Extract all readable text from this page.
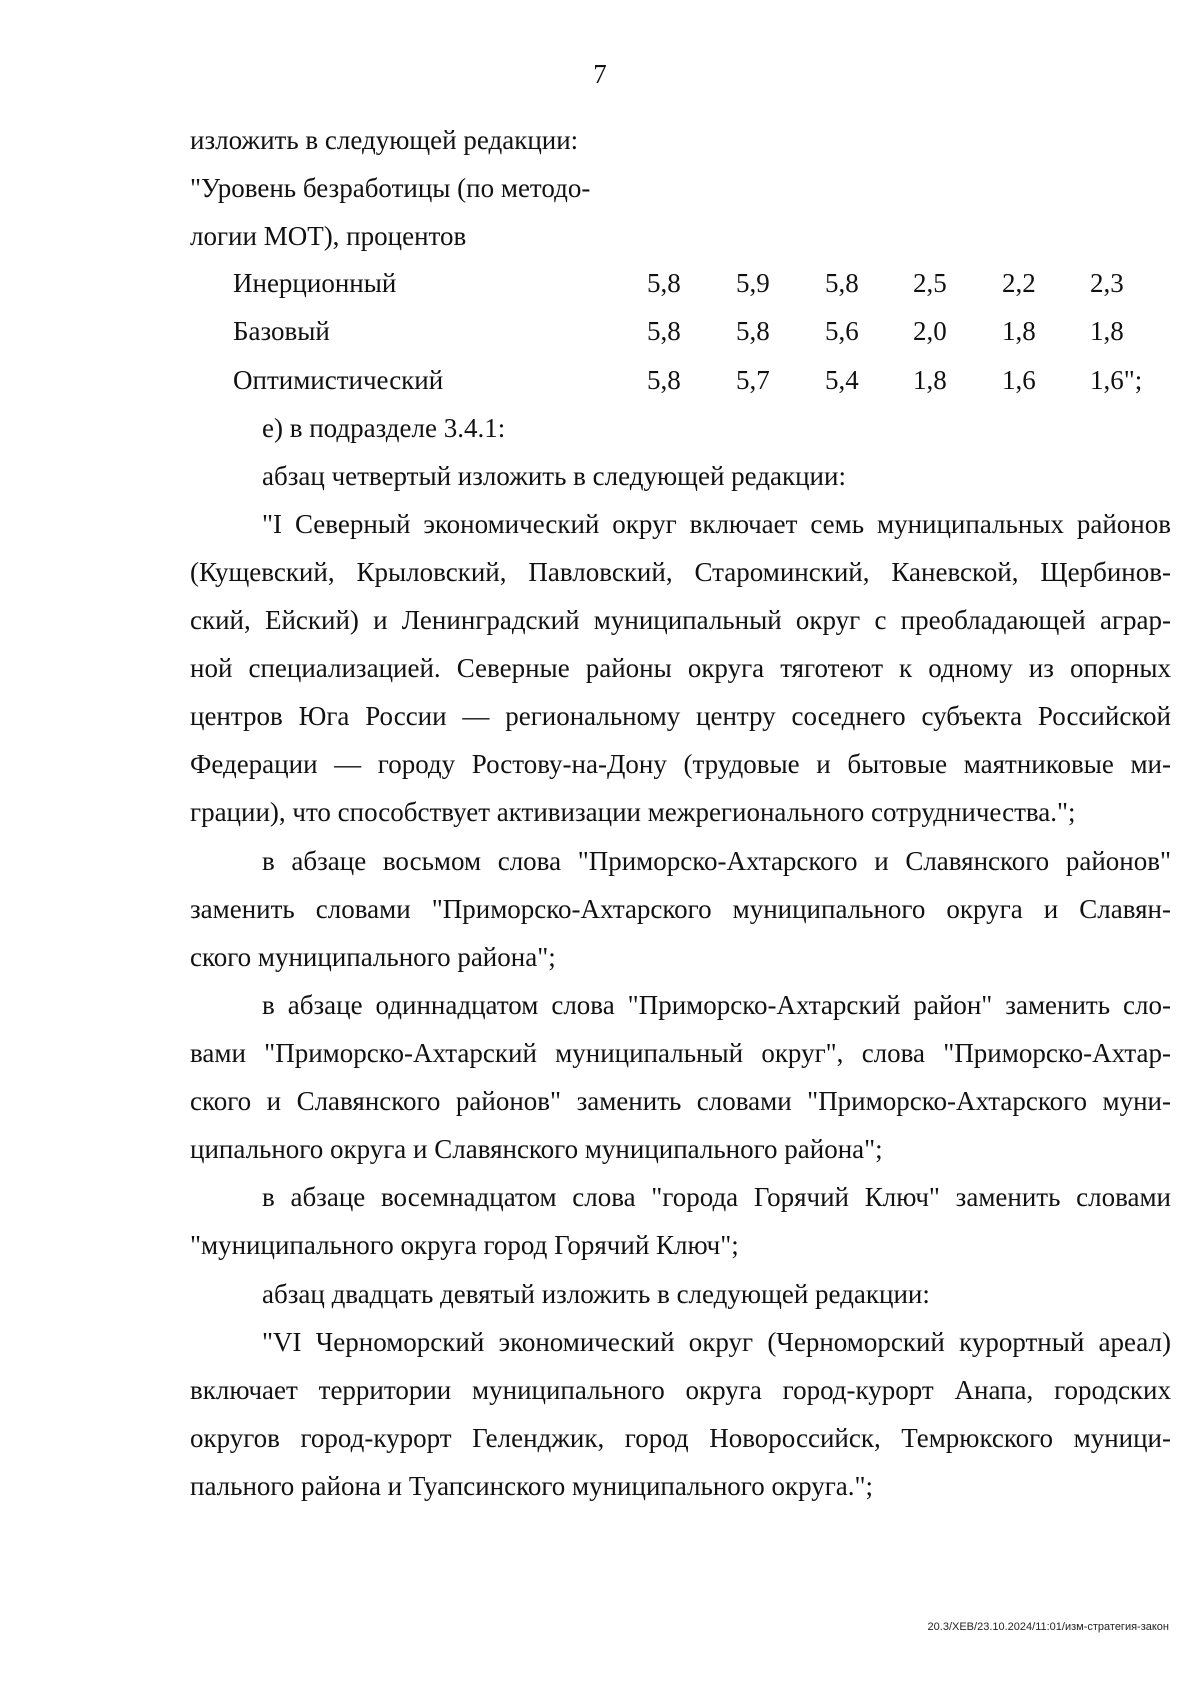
7
изложить в следующей редакции:
"Уровень безработицы (по методо-
логии МОТ), процентов
Инерционный	5,8 5,9 5,8 2,5 2,2 2,3
Базовый	5,8 5,8 5,6 2,0 1,8 1,8
Оптимистический	5,8 5,7 5,4 1,8 1,6 1,6";
е) в подразделе 3.4.1:
абзац четвертый изложить в следующей редакции:
"I Северный экономический округ включает семь муниципальных районов
(Кущевский, Крыловский, Павловский, Староминский, Каневской, Щербинов-
ский, Ейский) и Ленинградский муниципальный округ с преобладающей аграр-
ной специализацией. Северные районы округа тяготеют к одному из опорных
центров Юга России — региональному центру соседнего субъекта Российской
Федерации — городу Ростову-на-Дону (трудовые и бытовые маятниковые ми-
грации), что способствует активизации межрегионального сотрудничества.";
в абзаце восьмом слова "Приморско-Ахтарского и Славянского районов"
заменить словами "Приморско-Ахтарского муниципального округа и Славян-
ского муниципального района";
в абзаце одиннадцатом слова "Приморско-Ахтарский район" заменить сло-
вами "Приморско-Ахтарский муниципальный округ", слова "Приморско-Ахтар-
ского и Славянского районов" заменить словами "Приморско-Ахтарского муни-
ципального округа и Славянского муниципального района";
в абзаце восемнадцатом слова "города Горячий Ключ" заменить словами
"муниципального округа город Горячий Ключ";
абзац двадцать девятый изложить в следующей редакции:
"VI Черноморский экономический округ (Черноморский курортный ареал)
включает территории муниципального округа город-курорт Анапа, городских
округов город-курорт Геленджик, город Новороссийск, Темрюкского муници-
пального района и Туапсинского муниципального округа.";
20.3/ХЕВ/23.10.2024/11:01/изм-стратегия-закон
